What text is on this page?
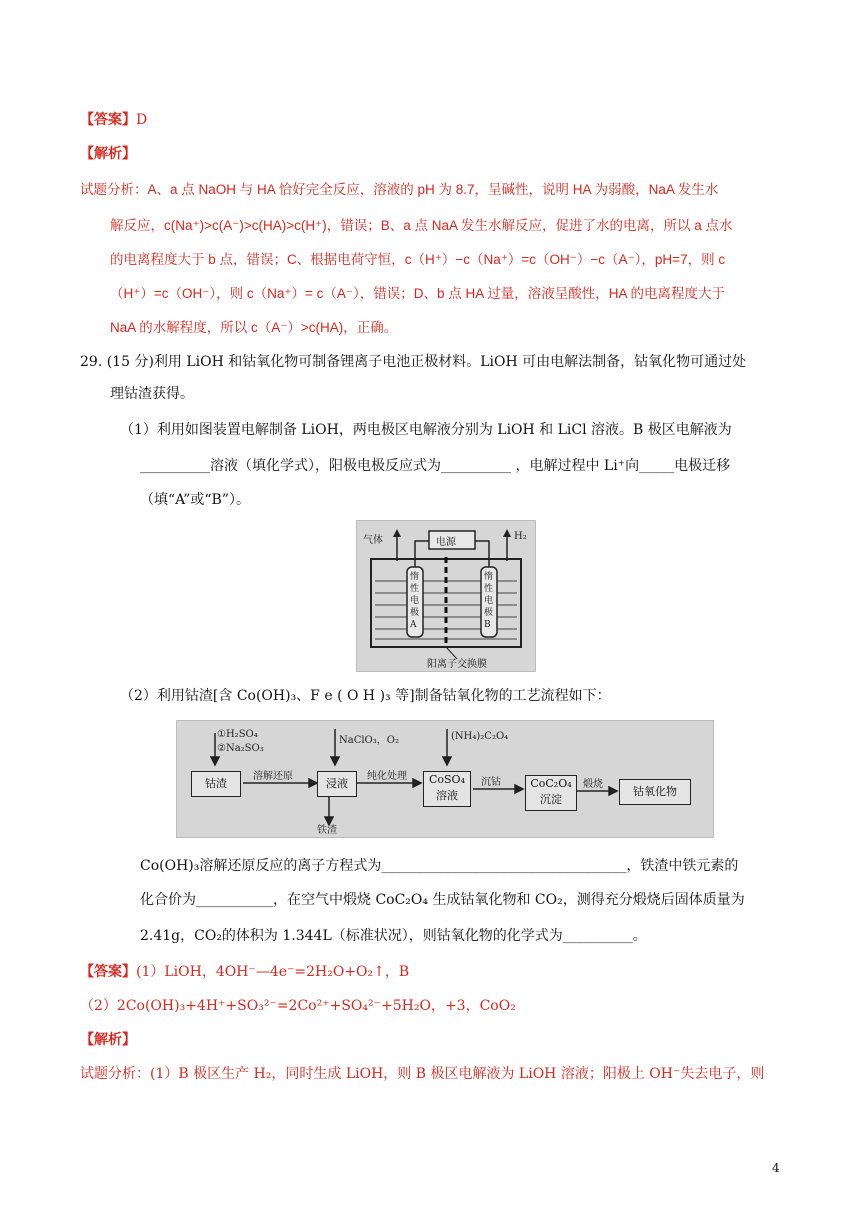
【答案】D
【解析】
试题分析：A、a 点 NaOH 与 HA 恰好完全反应，溶液的 pH 为 8.7，呈碱性，说明 HA 为弱酸，NaA 发生水
解反应，c(Na⁺)>c(A⁻)>c(HA)>c(H⁺)，错误；B、a 点 NaA 发生水解反应，促进了水的电离，所以 a 点水
的电离程度大于 b 点，错误；C、根据电荷守恒，c（H⁺）−c（Na⁺）=c（OH⁻）−c（A⁻），pH=7，则 c
（H⁺）=c（OH⁻），则 c（Na⁺）= c（A⁻），错误；D、b 点 HA 过量，溶液呈酸性，HA 的电离程度大于
NaA 的水解程度，所以 c（A⁻）>c(HA)，正确。
29. (15 分)利用 LiOH 和钴氧化物可制备锂离子电池正极材料。LiOH 可由电解法制备，钴氧化物可通过处
理钴渣获得。
（1）利用如图装置电解制备 LiOH，两电极区电解液分别为 LiOH 和 LiCl 溶液。B 极区电解液为
__________溶液（填化学式），阳极电极反应式为__________ ，电解过程中 Li⁺向_____电极迁移
（填“A”或“B”）。
气体	电源
H₂
惰性电极A
惰性电极B
阳离子交换膜
（2）利用钴渣[含 Co(OH)₃、F e ( O H )₃ 等]制备钴氧化物的工艺流程如下：
①H₂SO₄
②Na₂SO₃
NaClO₃，O₂	(NH₄)₂C₂O₄
钴渣
溶解还原
浸液
纯化处理	CoSO₄
溶液
沉钴	CoC₂O₄
沉淀
煅烧
钴氧化物
铁渣
Co(OH)₃溶解还原反应的离子方程式为___________________________________，铁渣中铁元素的
化合价为___________，在空气中煅烧 CoC₂O₄ 生成钴氧化物和 CO₂，测得充分煅烧后固体质量为
2.41g，CO₂的体积为 1.344L（标准状况），则钴氧化物的化学式为__________。
【答案】(1）LiOH，4OH⁻—4e⁻=2H₂O+O₂↑，B
（2）2Co(OH)₃+4H⁺+SO₃²⁻=2Co²⁺+SO₄²⁻+5H₂O，+3，CoO₂
【解析】
试题分析：(1）B 极区生产 H₂，同时生成 LiOH，则 B 极区电解液为 LiOH 溶液；阳极上 OH⁻失去电子，则
4
